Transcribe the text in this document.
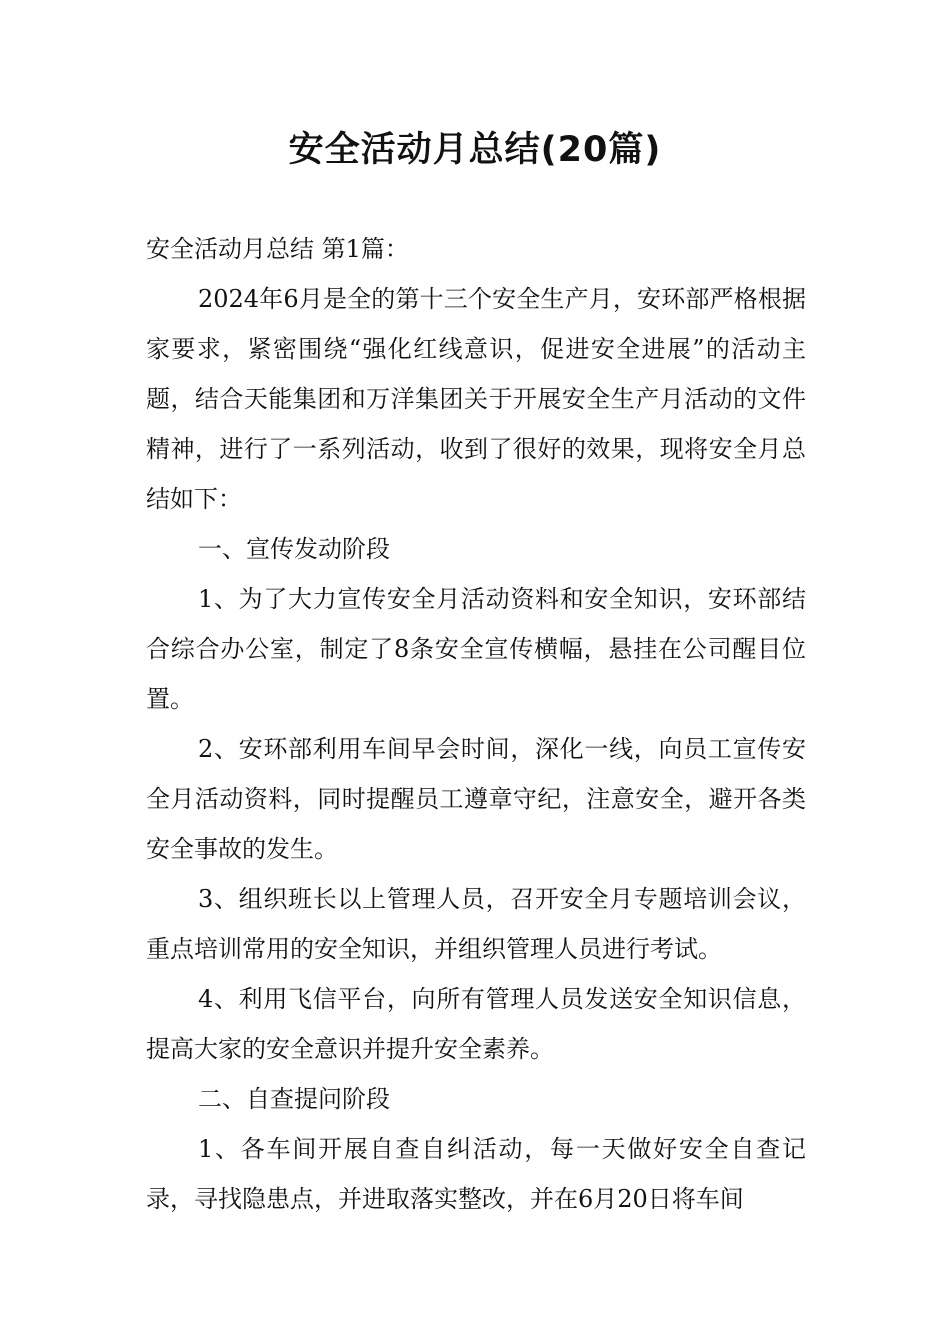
安全活动月总结(20篇)

安全活动月总结 第1篇：

2024年6月是全的第十三个安全生产月，安环部严格根据家要求，紧密围绕“强化红线意识，促进安全进展”的活动主题，结合天能集团和万洋集团关于开展安全生产月活动的文件精神，进行了一系列活动，收到了很好的效果，现将安全月总结如下：

一、宣传发动阶段

1、为了大力宣传安全月活动资料和安全知识，安环部结合综合办公室，制定了8条安全宣传横幅，悬挂在公司醒目位置。

2、安环部利用车间早会时间，深化一线，向员工宣传安全月活动资料，同时提醒员工遵章守纪，注意安全，避开各类安全事故的发生。

3、组织班长以上管理人员，召开安全月专题培训会议，重点培训常用的安全知识，并组织管理人员进行考试。

4、利用飞信平台，向所有管理人员发送安全知识信息，提高大家的安全意识并提升安全素养。

二、自查提问阶段

1、各车间开展自查自纠活动，每一天做好安全自查记录，寻找隐患点，并进取落实整改，并在6月20日将车间
